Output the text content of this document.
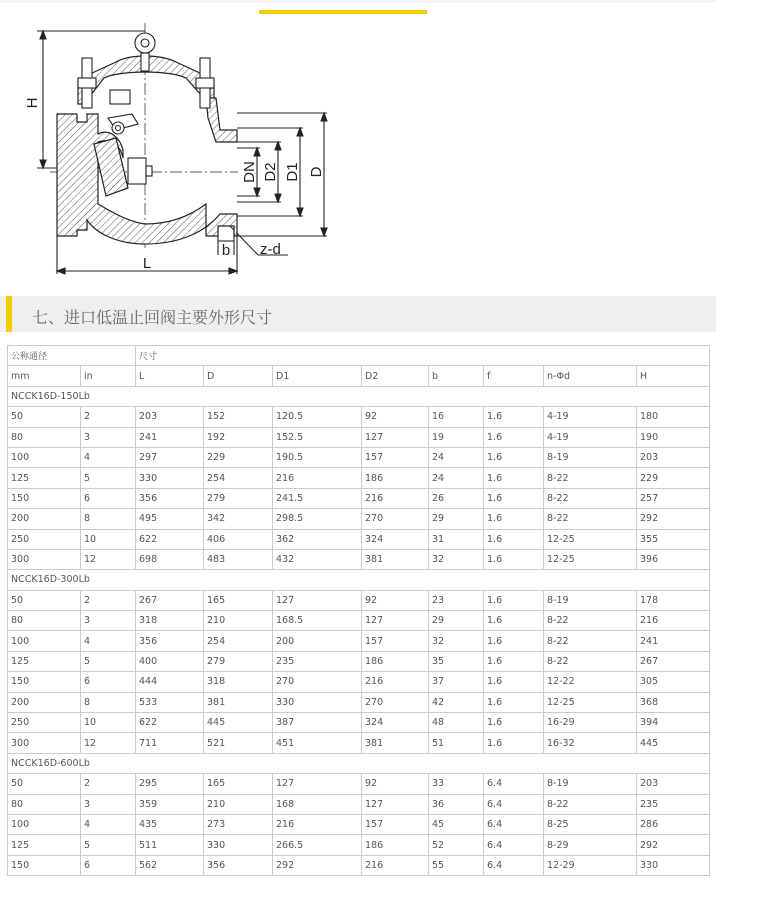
H
L
b z-d
DN D2 D1 D
七、进口低温止回阀主要外形尺寸
公称通径		尺寸							
mm	in	L	D	D1	D2	b	f	n-Φd	H
NCCK16D-150Lb									
50	2	203	152	120.5	92	16	1.6	4-19	180
80	3	241	192	152.5	127	19	1.6	4-19	190
100	4	297	229	190.5	157	24	1.6	8-19	203
125	5	330	254	216	186	24	1.6	8-22	229
150	6	356	279	241.5	216	26	1.6	8-22	257
200	8	495	342	298.5	270	29	1.6	8-22	292
250	10	622	406	362	324	31	1.6	12-25	355
300	12	698	483	432	381	32	1.6	12-25	396
NCCK16D-300Lb									
50	2	267	165	127	92	23	1.6	8-19	178
80	3	318	210	168.5	127	29	1.6	8-22	216
100	4	356	254	200	157	32	1.6	8-22	241
125	5	400	279	235	186	35	1.6	8-22	267
150	6	444	318	270	216	37	1.6	12-22	305
200	8	533	381	330	270	42	1.6	12-25	368
250	10	622	445	387	324	48	1.6	16-29	394
300	12	711	521	451	381	51	1.6	16-32	445
NCCK16D-600Lb									
50	2	295	165	127	92	33	6.4	8-19	203
80	3	359	210	168	127	36	6.4	8-22	235
100	4	435	273	216	157	45	6.4	8-25	286
125	5	511	330	266.5	186	52	6.4	8-29	292
150	6	562	356	292	216	55	6.4	12-29	330
